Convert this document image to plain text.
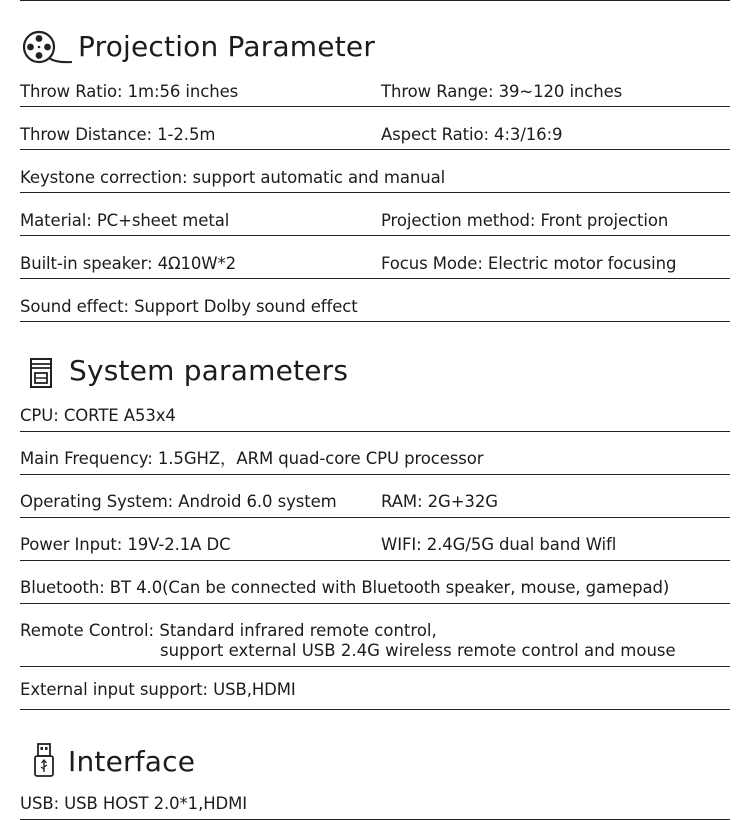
Projection Parameter
Throw Ratio: 1m:56 inches	Throw Range: 39~120 inches
Throw Distance: 1-2.5m	Aspect Ratio: 4:3/16:9
Keystone correction: support automatic and manual
Material: PC+sheet metal	Projection method: Front projection
Built-in speaker: 4Ω10W*2	Focus Mode: Electric motor focusing
Sound effect: Support Dolby sound effect
System parameters
CPU: CORTE A53x4
Main Frequency: 1.5GHZ，ARM quad-core CPU processor
Operating System: Android 6.0 system	RAM: 2G+32G
Power Input: 19V-2.1A DC	WIFI: 2.4G/5G dual band Wifl
Bluetooth: BT 4.0(Can be connected with Bluetooth speaker, mouse, gamepad)
Remote Control: Standard infrared remote control,
support external USB 2.4G wireless remote control and mouse
External input support: USB,HDMI
Interface
USB: USB HOST 2.0*1,HDMI
